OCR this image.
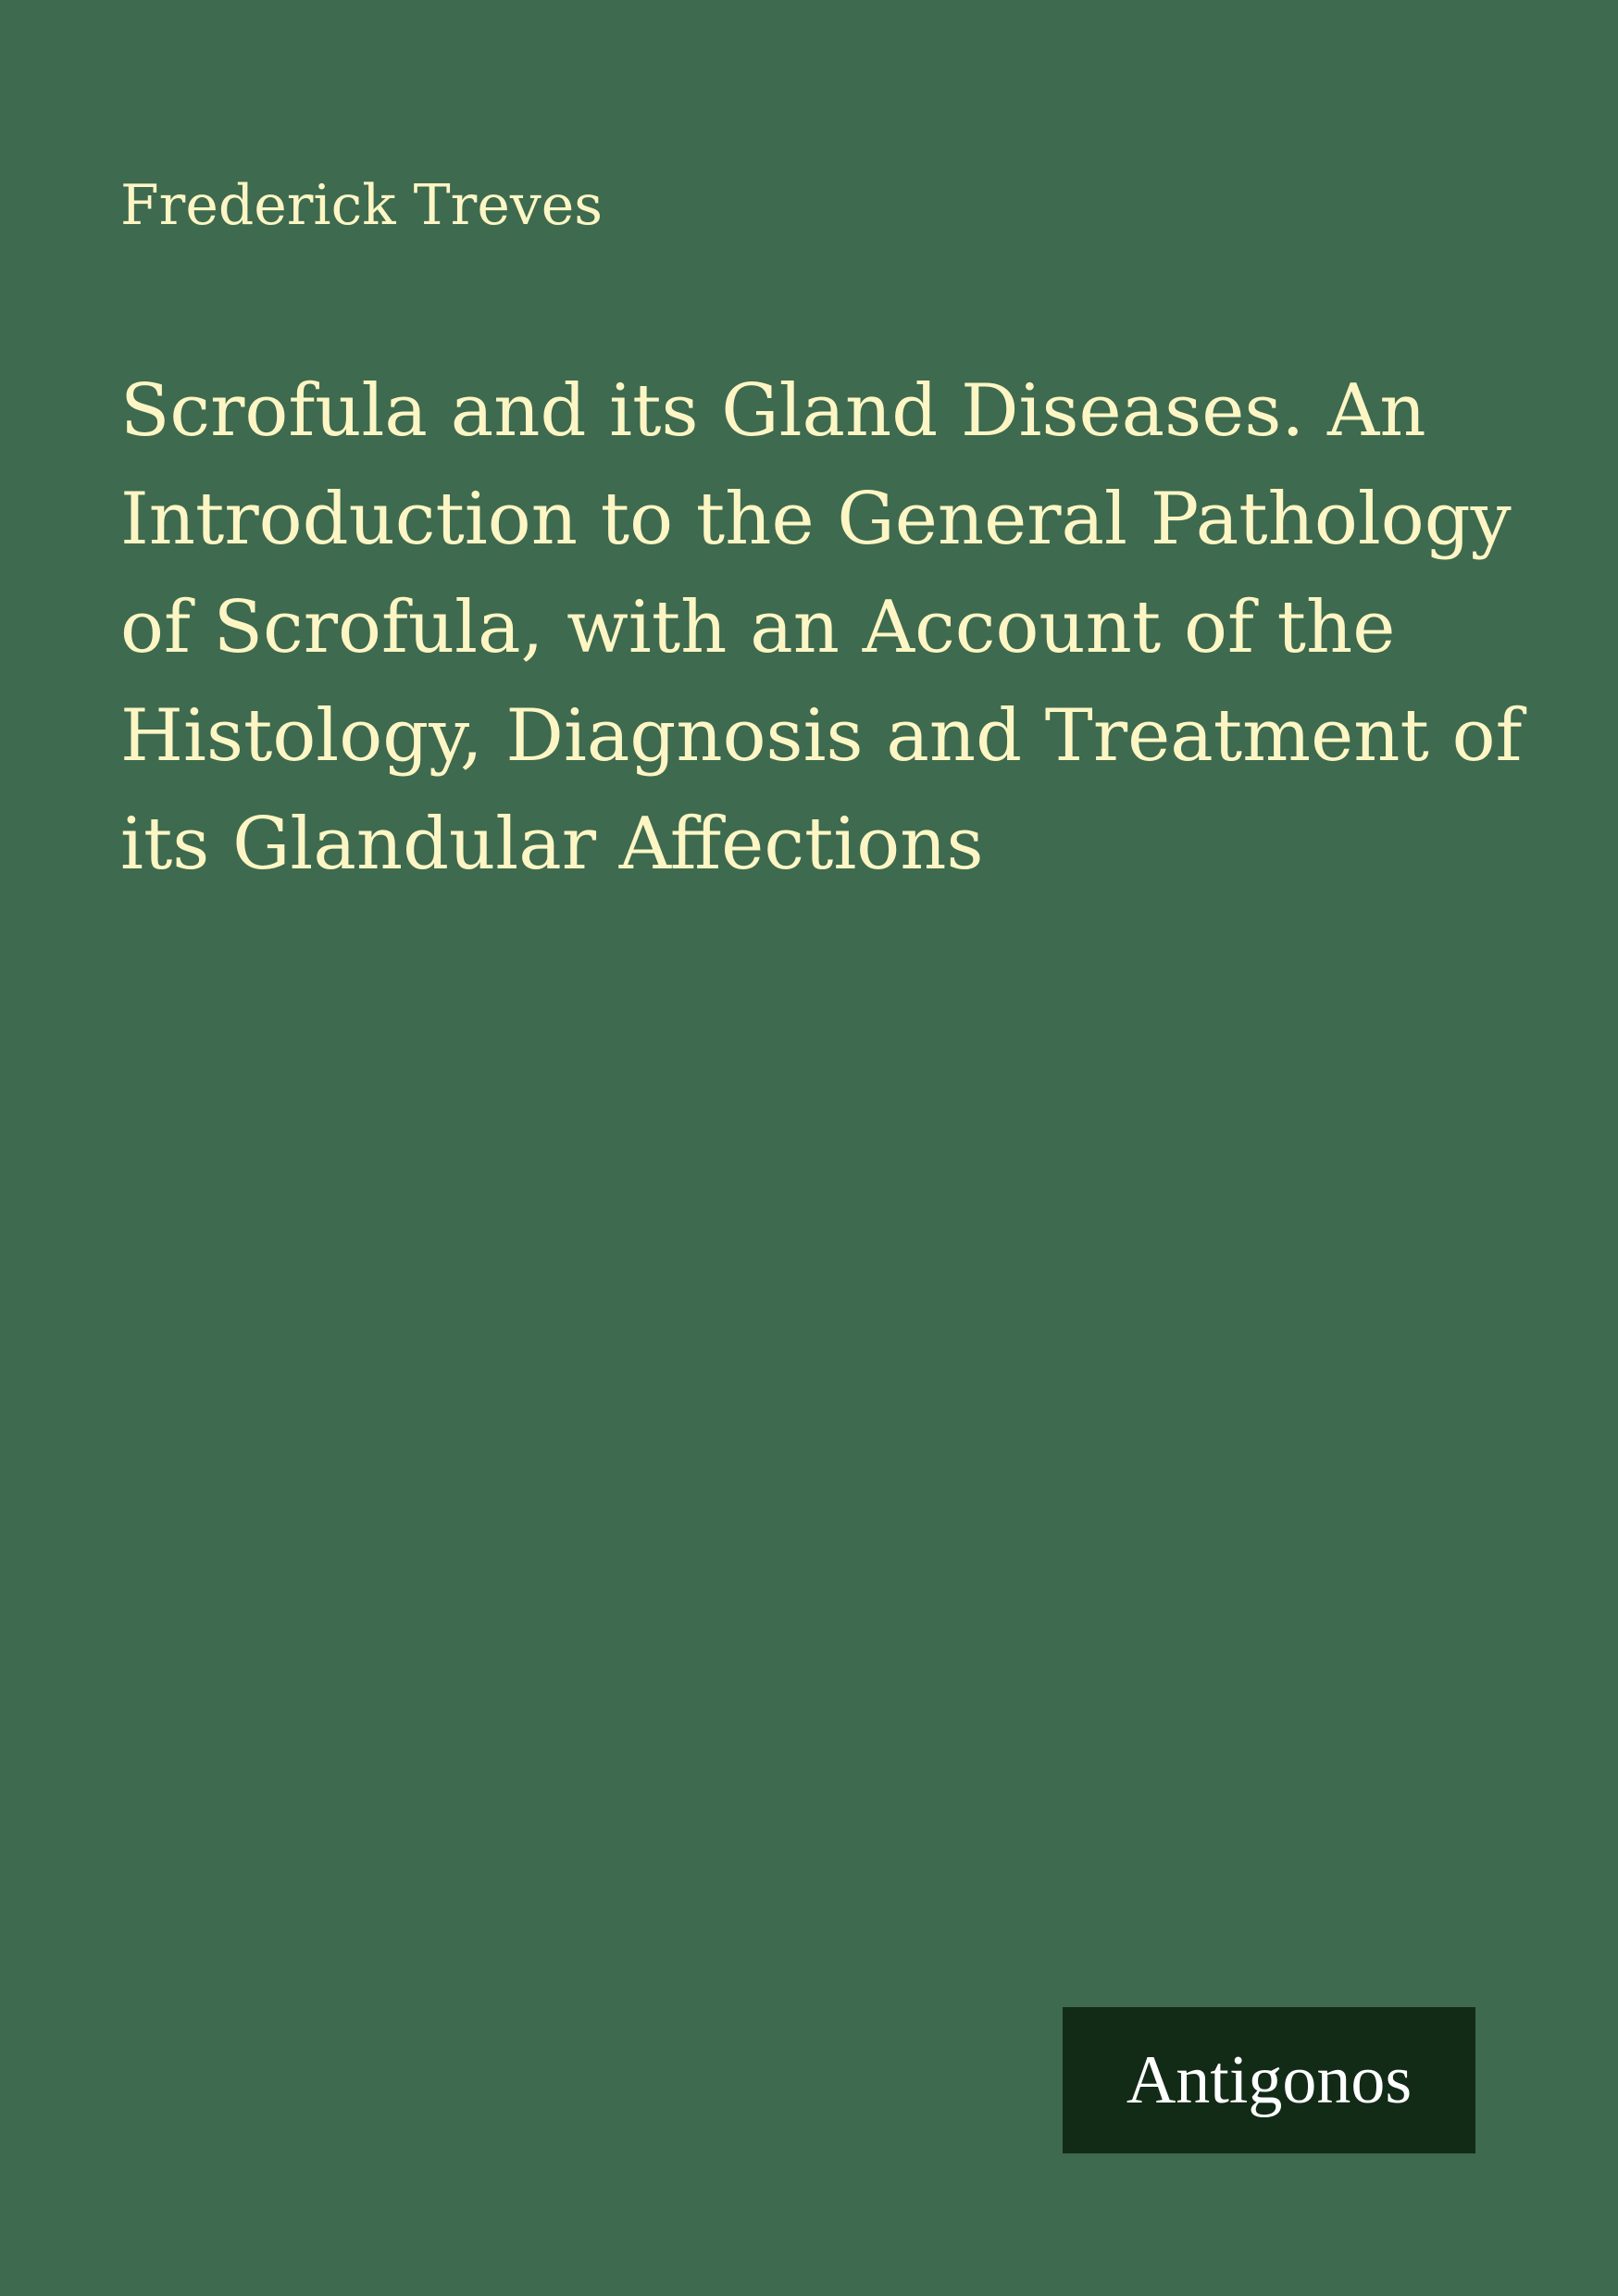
Frederick Treves
Scrofula and its Gland Diseases. An Introduction to the General Pathology of Scrofula, with an Account of the Histology, Diagnosis and Treatment of its Glandular Affections
Antigonos
